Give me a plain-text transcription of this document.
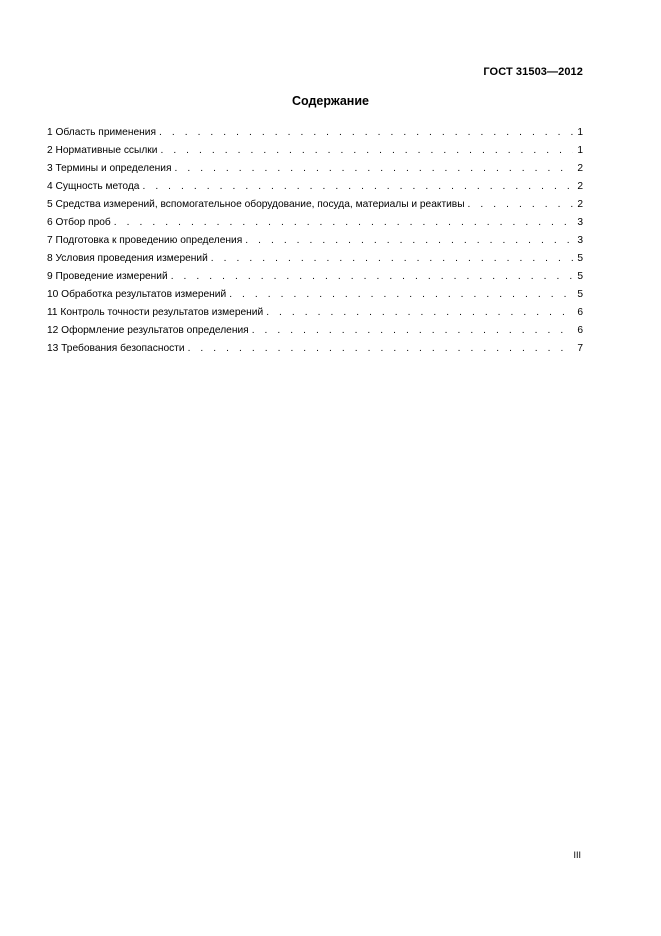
ГОСТ 31503—2012
Содержание
1 Область применения . . .	1
2 Нормативные ссылки . . .	1
3 Термины и определения . . .	2
4 Сущность метода . . .	2
5 Средства измерений, вспомогательное оборудование, посуда, материалы и реактивы . . .	2
6 Отбор проб . . .	3
7 Подготовка к проведению определения . . .	3
8 Условия проведения измерений . . .	5
9 Проведение измерений . . .	5
10 Обработка результатов измерений . . .	5
11 Контроль точности результатов измерений . . .	6
12 Оформление результатов определения . . .	6
13 Требования безопасности . . .	7
III
